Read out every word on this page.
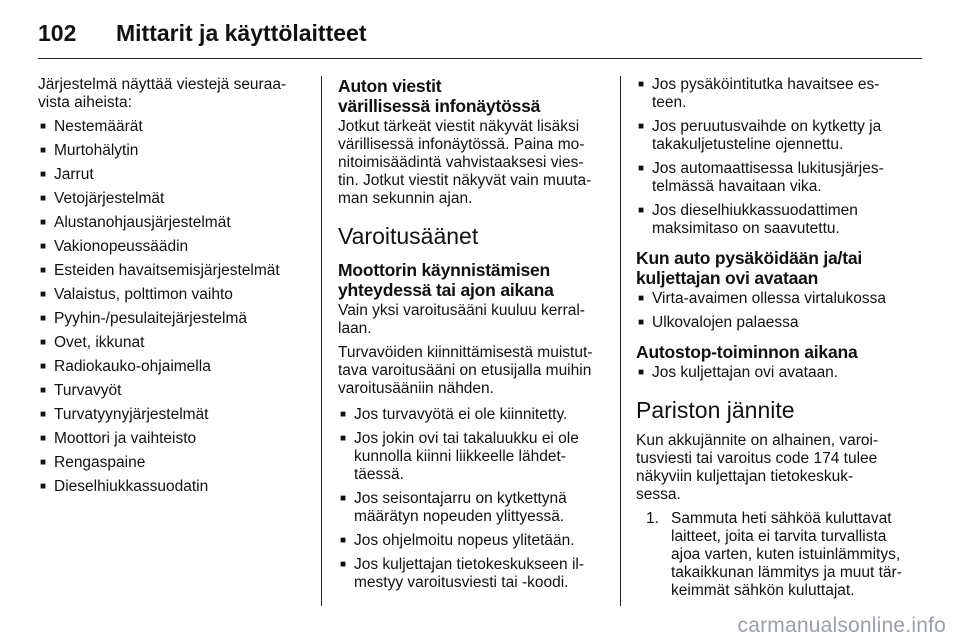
102 Mittarit ja käyttölaitteet

Järjestelmä näyttää viestejä seuraa-
vista aiheista:

■ Nestemäärät
■ Murtohälytin
■ Jarrut
■ Vetojärjestelmät
■ Alustanohjausjärjestelmät
■ Vakionopeussäädin
■ Esteiden havaitsemisjärjestelmät
■ Valaistus, polttimon vaihto
■ Pyyhin-/pesulaitejärjestelmä
■ Ovet, ikkunat
■ Radiokauko-ohjaimella
■ Turvavyöt
■ Turvatyynyjärjestelmät
■ Moottori ja vaihteisto
■ Rengaspaine
■ Dieselhiukkassuodatin
Auton viestit
värillisessä infonäytössä

Jotkut tärkeät viestit näkyvät lisäksi
värillisessä infonäytössä. Paina mo-
nitoimisäädintä vahvistaaksesi vies-
tin. Jotkut viestit näkyvät vain muuta-
man sekunnin ajan.

Varoitusäänet
Moottorin käynnistämisen
yhteydessä tai ajon aikana

Vain yksi varoitusääni kuuluu kerral-
laan.

Turvavöiden kiinnittämisestä muistut-
tava varoitusääni on etusijalla muihin
varoitusääniin nähden.

■ Jos turvavyötä ei ole kiinnitetty.
■ Jos jokin ovi tai takaluukku ei ole
kunnolla kiinni liikkeelle lähdet-
täessä.
■ Jos seisontajarru on kytkettynä
määrätyn nopeuden ylittyessä.
■ Jos ohjelmoitu nopeus ylitetään.
■ Jos kuljettajan tietokeskukseen il-
mestyy varoitusviesti tai -koodi.
■ Jos pysäköintitutka havaitsee es-
teen.
■ Jos peruutusvaihde on kytketty ja
takakuljetusteline ojennettu.
■ Jos automaattisessa lukitusjärjes-
telmässä havaitaan vika.
■ Jos dieselhiukkassuodattimen
maksimitaso on saavutettu.
Kun auto pysäköidään ja/tai
kuljettajan ovi avataan
■ Virta-avaimen ollessa virtalukossa
■ Ulkovalojen palaessa
Autostop-toiminnon aikana
■ Jos kuljettajan ovi avataan.
Pariston jännite

Kun akkujännite on alhainen, varoi-
tusviesti tai varoitus code 174 tulee
näkyviin kuljettajan tietokeskuk-
sessa.

1. Sammuta heti sähköä kuluttavat
laitteet, joita ei tarvita turvallista
ajoa varten, kuten istuinlämmitys,
takaikkunan lämmitys ja muut tär-
keimmät sähkön kuluttajat.
carmanualsonline.info
